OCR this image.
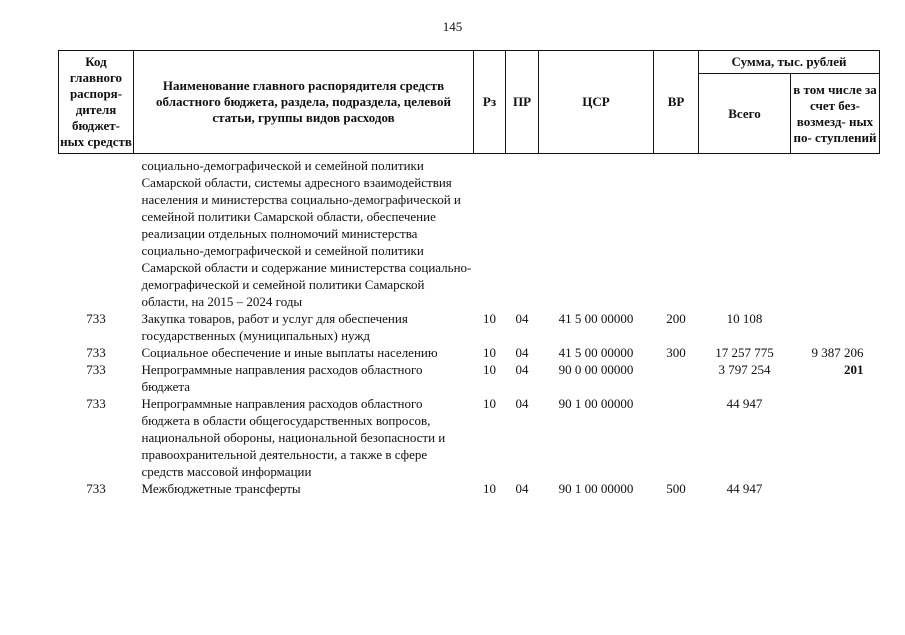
145
Код главного распоря- дителя бюджет- ных средств	Наименование главного распорядителя средств областного бюджета, раздела, подраздела, целевой статьи, группы видов расходов	Рз	ПР	ЦСР	ВР	Сумма, тыс. рублей	
						Всего	в том числе за счет без- возмезд- ных по- ступлений

	социально-демографической и семейной политики Самарской области, системы адресного взаимодействия населения и министерства социально-демографической и семейной политики Самарской области, обеспечение реализации отдельных полномочий министерства социально-демографической и семейной политики Самарской области и содержание министерства социально-демографической и семейной политики Самарской области, на 2015 – 2024 годы						
733	Закупка товаров, работ и услуг для обеспечения государственных (муниципальных) нужд	10	04	41 5 00 00000	200	10 108	
733	Социальное обеспечение и иные выплаты населению	10	04	41 5 00 00000	300	17 257 775	9 387 206
733	Непрограммные направления расходов областного бюджета	10	04	90 0 00 00000		3 797 254	201
733	Непрограммные направления расходов областного бюджета в области общегосударственных вопросов, национальной обороны, национальной безопасности и правоохранительной деятельности, а также в сфере средств массовой информации	10	04	90 1 00 00000		44 947	
733	Межбюджетные трансферты	10	04	90 1 00 00000	500	44 947	
